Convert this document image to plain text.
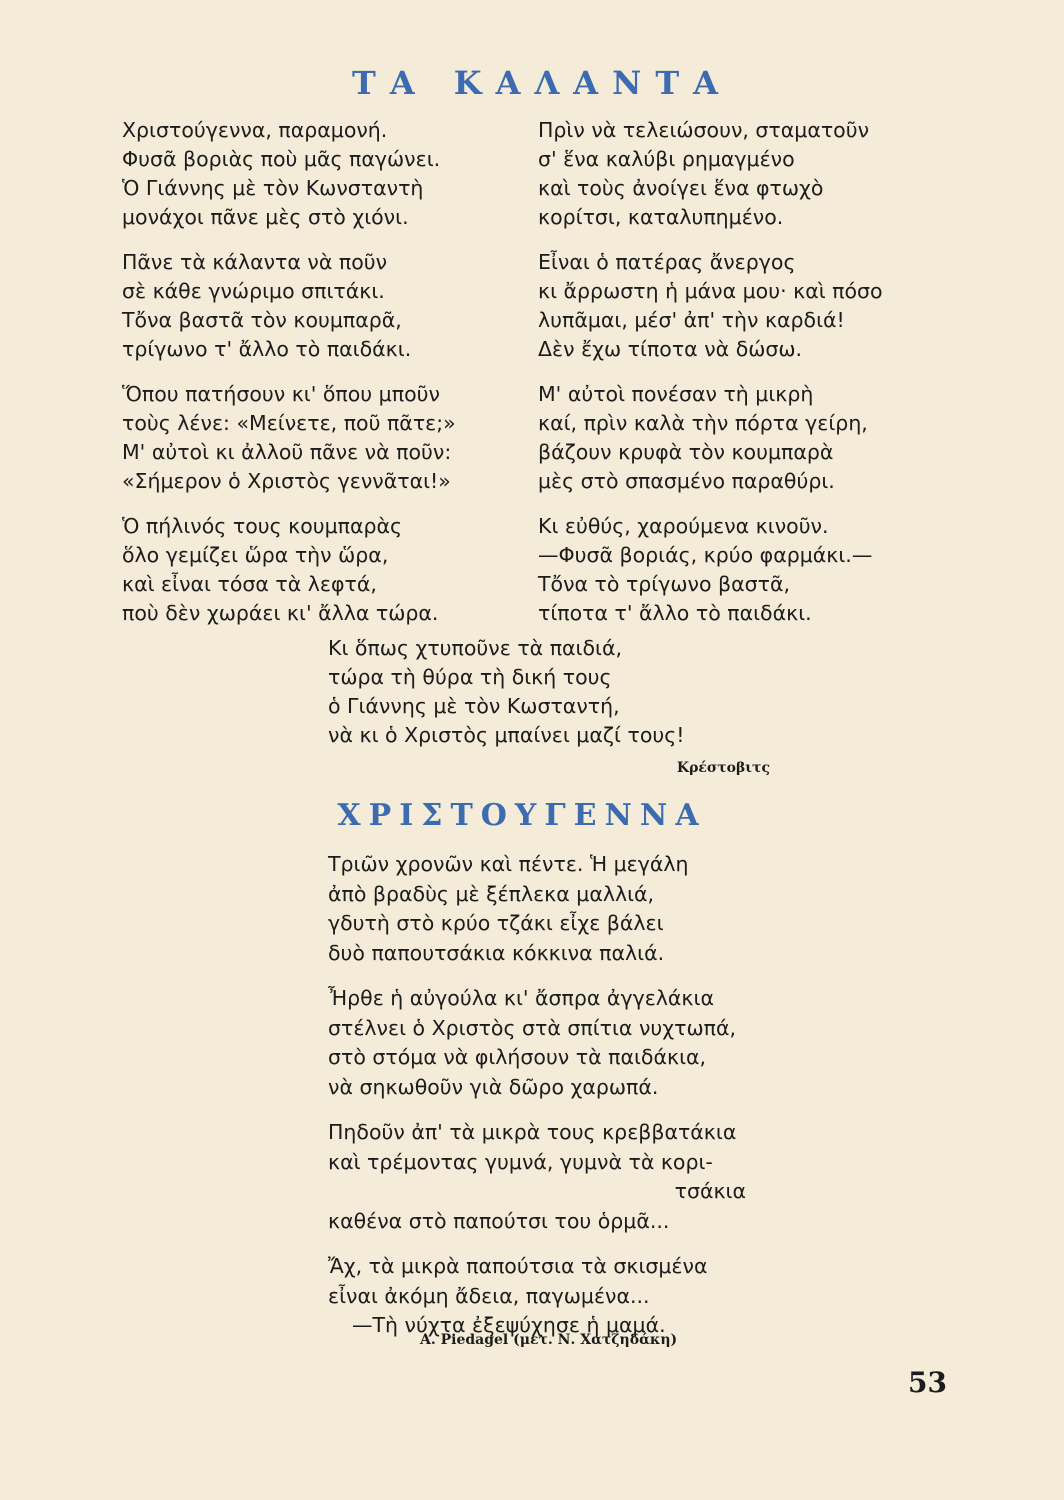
ΤΑ ΚΑΛΑΝΤΑ
Χριστούγεννα, παραμονή.
Φυσᾶ βοριὰς ποὺ μᾶς παγώνει.
Ὁ Γιάννης μὲ τὸν Κωνσταντὴ
μονάχοι πᾶνε μὲς στὸ χιόνι.
Πᾶνε τὰ κάλαντα νὰ ποῦν
σὲ κάθε γνώριμο σπιτάκι.
Τὄνα βαστᾶ τὸν κουμπαρᾶ,
τρίγωνο τ' ἄλλο τὸ παιδάκι.
Ὅπου πατήσουν κι' ὅπου μποῦν
τοὺς λένε: «Μείνετε, ποῦ πᾶτε;»
Μ' αὐτοὶ κι ἀλλοῦ πᾶνε νὰ ποῦν:
«Σήμερον ὁ Χριστὸς γεννᾶται!»
Ὁ πήλινός τους κουμπαρὰς
ὅλο γεμίζει ὥρα τὴν ὥρα,
καὶ εἶναι τόσα τὰ λεφτά,
ποὺ δὲν χωράει κι' ἄλλα τώρα.
Πρὶν νὰ τελειώσουν, σταματοῦν
σ' ἕνα καλύβι ρημαγμένο
καὶ τοὺς ἀνοίγει ἕνα φτωχὸ
κορίτσι, καταλυπημένο.
Εἶναι ὁ πατέρας ἄνεργος
κι ἄρρωστη ἡ μάνα μου· καὶ πόσο
λυπᾶμαι, μέσ' ἀπ' τὴν καρδιά!
Δὲν ἔχω τίποτα νὰ δώσω.
Μ' αὐτοὶ πονέσαν τὴ μικρὴ
καί, πρὶν καλὰ τὴν πόρτα γείρη,
βάζουν κρυφὰ τὸν κουμπαρὰ
μὲς στὸ σπασμένο παραθύρι.
Κι εὐθύς, χαρούμενα κινοῦν.
—Φυσᾶ βοριάς, κρύο φαρμάκι.—
Τὄνα τὸ τρίγωνο βαστᾶ,
τίποτα τ' ἄλλο τὸ παιδάκι.
Κι ὅπως χτυποῦνε τὰ παιδιά,
τώρα τὴ θύρα τὴ δική τους
ὁ Γιάννης μὲ τὸν Κωσταντή,
νὰ κι ὁ Χριστὸς μπαίνει μαζί τους!
Κρέστοβιτς
ΧΡΙΣΤΟΥΓΕΝΝΑ
Τριῶν χρονῶν καὶ πέντε. Ἡ μεγάλη
ἀπὸ βραδὺς μὲ ξέπλεκα μαλλιά,
γδυτὴ στὸ κρύο τζάκι εἶχε βάλει
δυὸ παπουτσάκια κόκκινα παλιά.
Ἦρθε ἡ αὐγούλα κι' ἄσπρα ἀγγελάκια
στέλνει ὁ Χριστὸς στὰ σπίτια νυχτωπά,
στὸ στόμα νὰ φιλήσουν τὰ παιδάκια,
νὰ σηκωθοῦν γιὰ δῶρο χαρωπά.
Πηδοῦν ἀπ' τὰ μικρὰ τους κρεββατάκια
καὶ τρέμοντας γυμνά, γυμνὰ τὰ κορι-
τσάκια
καθένα στὸ παπούτσι του ὁρμᾶ...
Ἄχ, τὰ μικρὰ παπούτσια τὰ σκισμένα
εἶναι ἀκόμη ἄδεια, παγωμένα...
—Τὴ νύχτα ἐξεψύχησε ἡ μαμά.
A. Piedagel (μετ. Ν. Χατζηδάκη)
53
